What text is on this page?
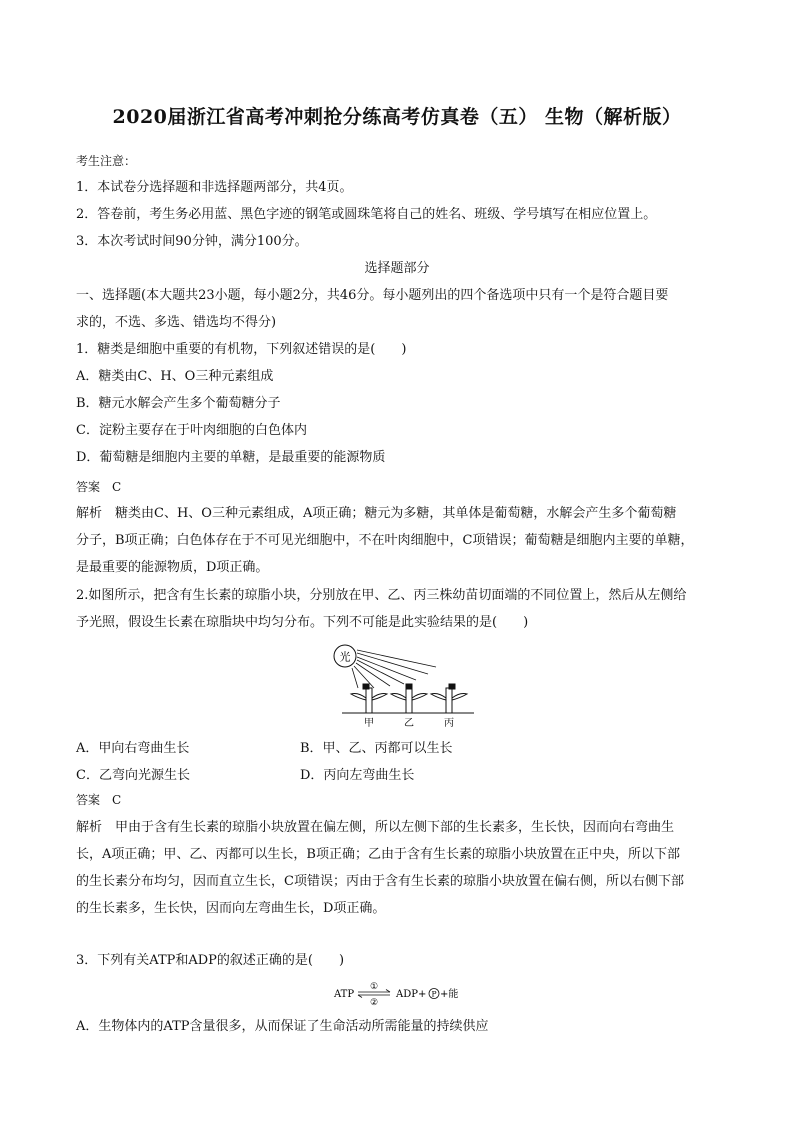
2020届浙江省高考冲刺抢分练高考仿真卷（五） 生物（解析版）
考生注意：
1．本试卷分选择题和非选择题两部分，共4页。
2．答卷前，考生务必用蓝、黑色字迹的钢笔或圆珠笔将自己的姓名、班级、学号填写在相应位置上。
3．本次考试时间90分钟，满分100分。
选择题部分
一、选择题(本大题共23小题，每小题2分，共46分。每小题列出的四个备选项中只有一个是符合题目要
求的，不选、多选、错选均不得分)
1．糖类是细胞中重要的有机物，下列叙述错误的是(　　)
A．糖类由C、H、O三种元素组成
B．糖元水解会产生多个葡萄糖分子
C．淀粉主要存在于叶肉细胞的白色体内
D．葡萄糖是细胞内主要的单糖，是最重要的能源物质
答案　C
解析　糖类由C、H、O三种元素组成，A项正确；糖元为多糖，其单体是葡萄糖，水解会产生多个葡萄糖
分子，B项正确；白色体存在于不可见光细胞中，不在叶肉细胞中，C项错误；葡萄糖是细胞内主要的单糖，
是最重要的能源物质，D项正确。
2.如图所示，把含有生长素的琼脂小块，分别放在甲、乙、丙三株幼苗切面端的不同位置上，然后从左侧给
予光照，假设生长素在琼脂块中均匀分布。下列不可能是此实验结果的是(　　)
光
甲	乙	丙
A．甲向右弯曲生长	B．甲、乙、丙都可以生长
C．乙弯向光源生长	D．丙向左弯曲生长
答案　C
解析　甲由于含有生长素的琼脂小块放置在偏左侧，所以左侧下部的生长素多，生长快，因而向右弯曲生
长，A项正确；甲、乙、丙都可以生长，B项正确；乙由于含有生长素的琼脂小块放置在正中央，所以下部
的生长素分布均匀，因而直立生长，C项错误；丙由于含有生长素的琼脂小块放置在偏右侧，所以右侧下部
的生长素多，生长快，因而向左弯曲生长，D项正确。
3．下列有关ATP和ADP的叙述正确的是(　　)
ATP
①
②
ADP+ P +能
A．生物体内的ATP含量很多，从而保证了生命活动所需能量的持续供应
